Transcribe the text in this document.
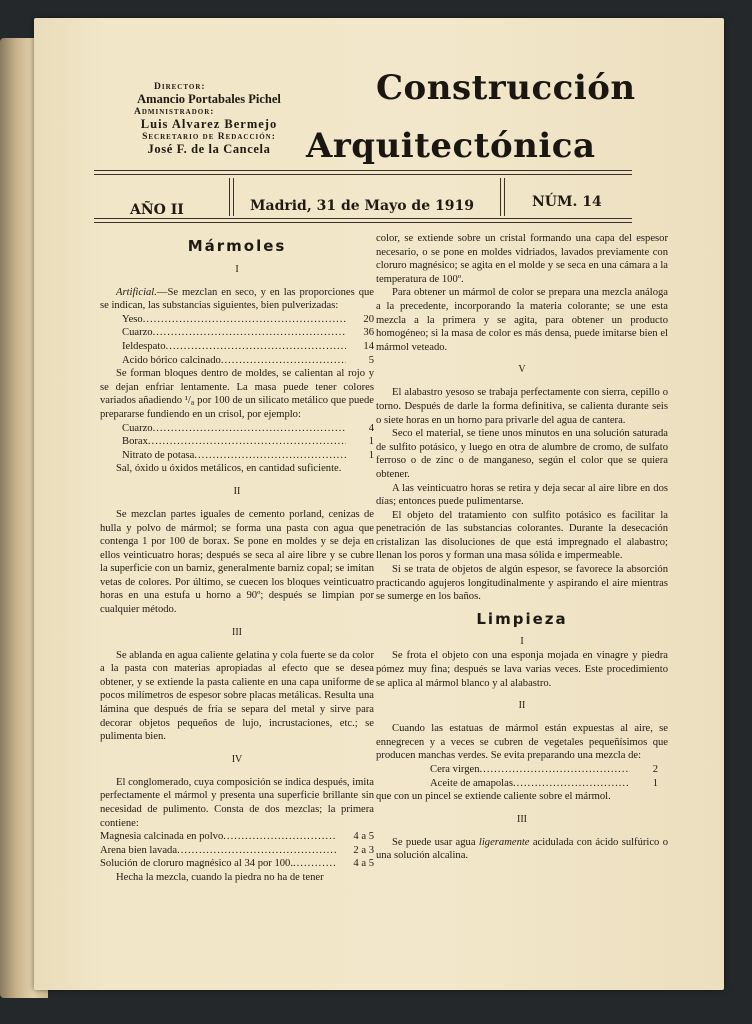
Director:
Amancio Portabales Pichel
Administrador:
Luis Alvarez Bermejo
Secretario de Redacción:
José F. de la Cancela
Construcción
Arquitectónica
AÑO II	Madrid, 31 de Mayo de 1919	NÚM. 14
Mármoles
I

Artificial.—Se mezclan en seco, y en las proporciones que se indican, las substancias siguientes, bien pulverizadas:

Yeso .....	20
Cuarzo .....	36
Ieldespato .....	14
Acido bórico calcinado .....	5

Se forman bloques dentro de moldes, se calientan al rojo y se dejan enfriar lentamente. La masa puede tener colores variados añadiendo ¹/₈ por 100 de un silicato metálico que puede prepararse fundiendo en un crisol, por ejemplo:

Cuarzo .....	4
Borax .....	1
Nitrato de potasa .....	1

Sal, óxido u óxidos metálicos, en cantidad suficiente.

II

Se mezclan partes iguales de cemento porland, cenizas de hulla y polvo de mármol; se forma una pasta con agua que contenga 1 por 100 de borax. Se pone en moldes y se deja en ellos veinticuatro horas; después se seca al aire libre y se cubre la superficie con un barniz, generalmente barniz copal; se imitan vetas de colores. Por último, se cuecen los bloques veinticuatro horas en una estufa u horno a 90º; después se limpian por cualquier método.

III

Se ablanda en agua caliente gelatina y cola fuerte se da color a la pasta con materias apropiadas al efecto que se desea obtener, y se extiende la pasta caliente en una capa uniforme de pocos milímetros de espesor sobre placas metálicas. Resulta una lámina que después de fría se separa del metal y sirve para decorar objetos pequeños de lujo, incrustaciones, etc.; se pulimenta bien.

IV

El conglomerado, cuya composición se indica después, imita perfectamente el mármol y presenta una superficie brillante sin necesidad de pulimento. Consta de dos mezclas; la primera contiene:

Magnesia calcinada en polvo .....	4 a 5
Arena bien lavada .....	2 a 3
Solución de cloruro magnésico al 34 por 100. .....	4 a 5

Hecha la mezcla, cuando la piedra no ha de tener

color, se extiende sobre un cristal formando una capa del espesor necesario, o se pone en moldes vidriados, lavados previamente con cloruro magnésico; se agita en el molde y se seca en una cámara a la temperatura de 100º.

Para obtener un mármol de color se prepara una mezcla análoga a la precedente, incorporando la materia colorante; se une esta mezcla a la primera y se agita, para obtener un producto homogéneo; si la masa de color es más densa, puede imitarse bien el mármol veteado.

V

El alabastro yesoso se trabaja perfectamente con sierra, cepillo o torno. Después de darle la forma definitiva, se calienta durante seis o siete horas en un horno para privarle del agua de cantera.

Seco el material, se tiene unos minutos en una solución saturada de sulfito potásico, y luego en otra de alumbre de cromo, de sulfato ferroso o de zinc o de manganeso, según el color que se quiera obtener.

A las veinticuatro horas se retira y deja secar al aire libre en dos días; entonces puede pulimentarse.

El objeto del tratamiento con sulfito potásico es facilitar la penetración de las substancias colorantes. Durante la desecación cristalizan las disoluciones de que está impregnado el alabastro; llenan los poros y forman una masa sólida e impermeable.

Si se trata de objetos de algún espesor, se favorece la absorción practicando agujeros longitudinalmente y aspirando el aire mientras se sumerge en los baños.

Limpieza
I

Se frota el objeto con una esponja mojada en vinagre y piedra pómez muy fina; después se lava varias veces. Este procedimiento se aplica al mármol blanco y al alabastro.

II

Cuando las estatuas de mármol están expuestas al aire, se ennegrecen y a veces se cubren de vegetales pequeñísimos que producen manchas verdes. Se evita preparando una mezcla de:

Cera virgen .....	2
Aceite de amapolas .....	1

que con un pincel se extiende caliente sobre el mármol.

III

Se puede usar agua ligeramente acidulada con ácido sulfúrico o una solución alcalina.
